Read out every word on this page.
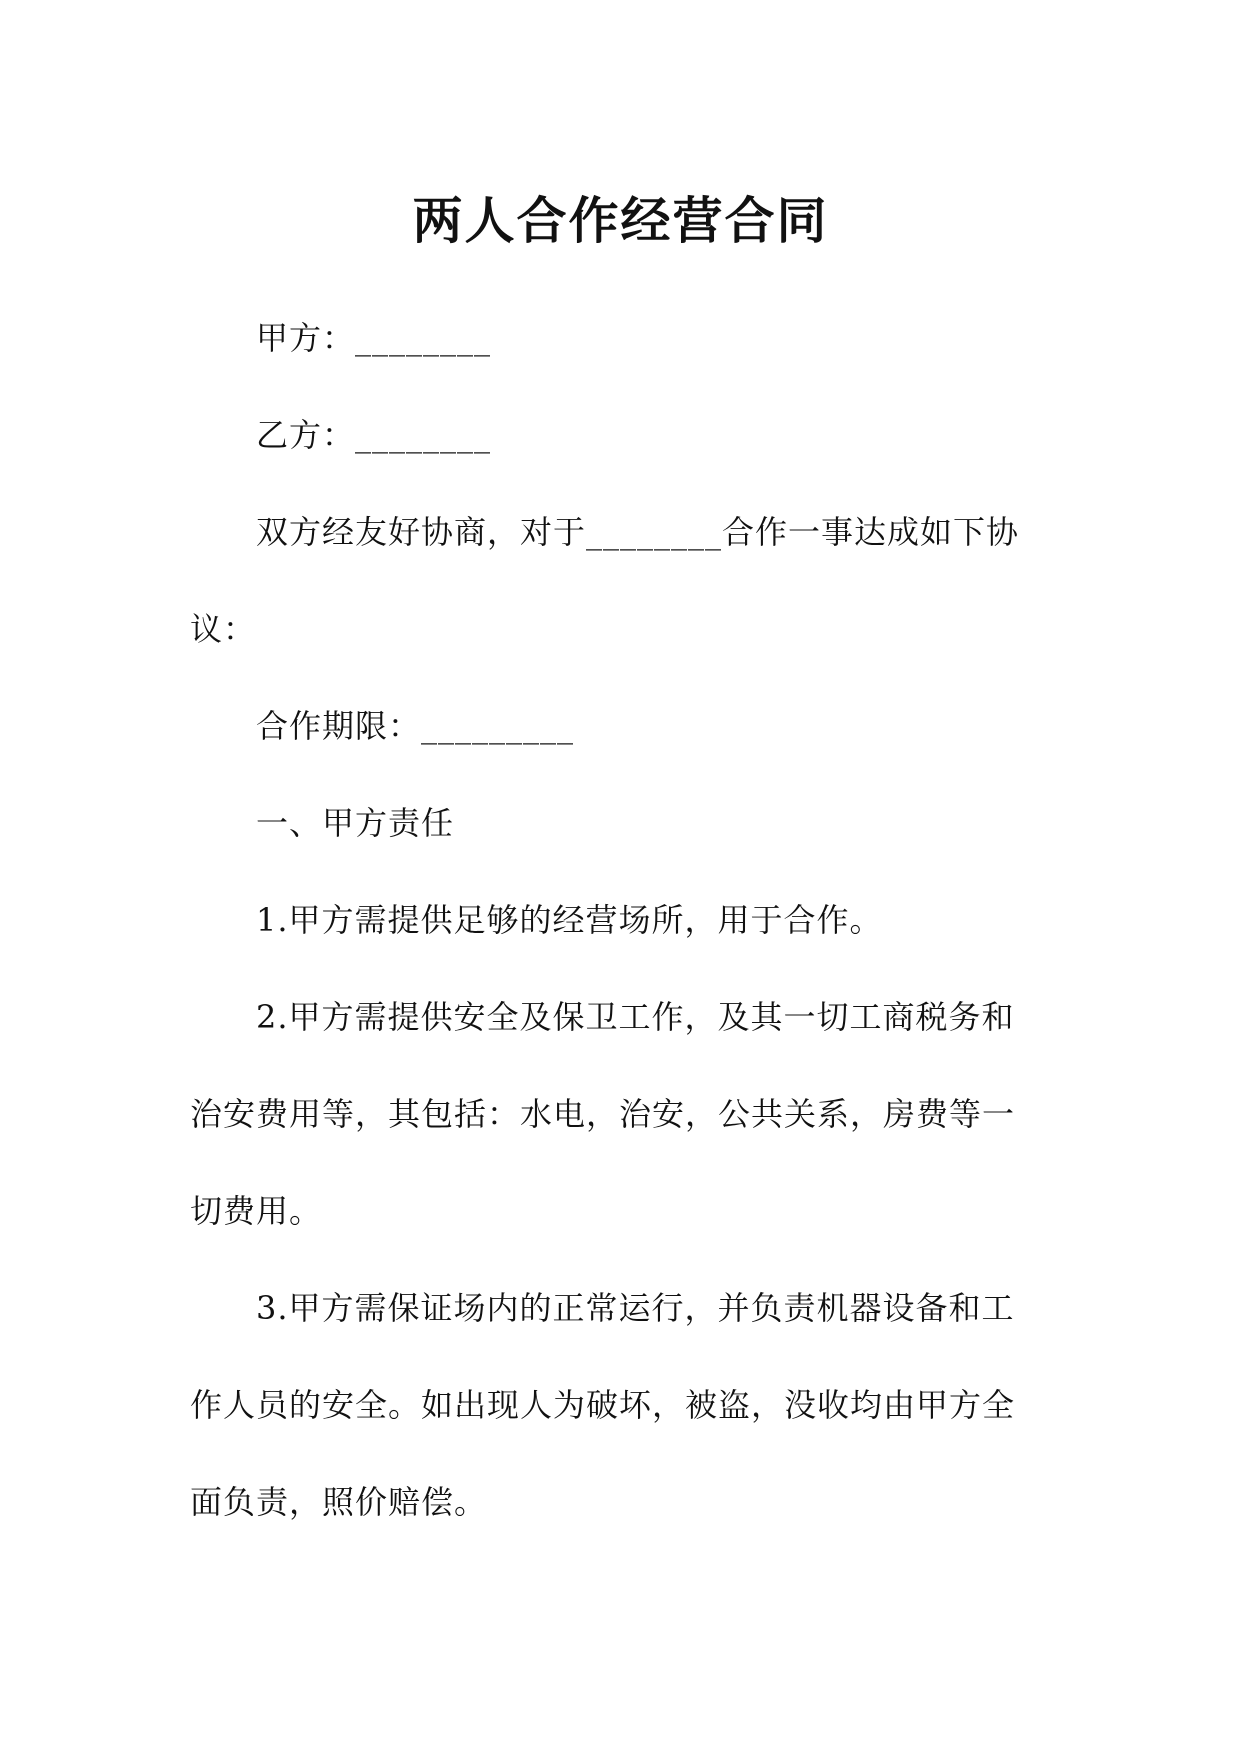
两人合作经营合同

甲方：________

乙方：________

双方经友好协商，对于________合作一事达成如下协议：

合作期限：_________

一、甲方责任

1.甲方需提供足够的经营场所，用于合作。

2.甲方需提供安全及保卫工作，及其一切工商税务和治安费用等，其包括：水电，治安，公共关系，房费等一切费用。

3.甲方需保证场内的正常运行，并负责机器设备和工作人员的安全。如出现人为破坏，被盗，没收均由甲方全面负责，照价赔偿。
